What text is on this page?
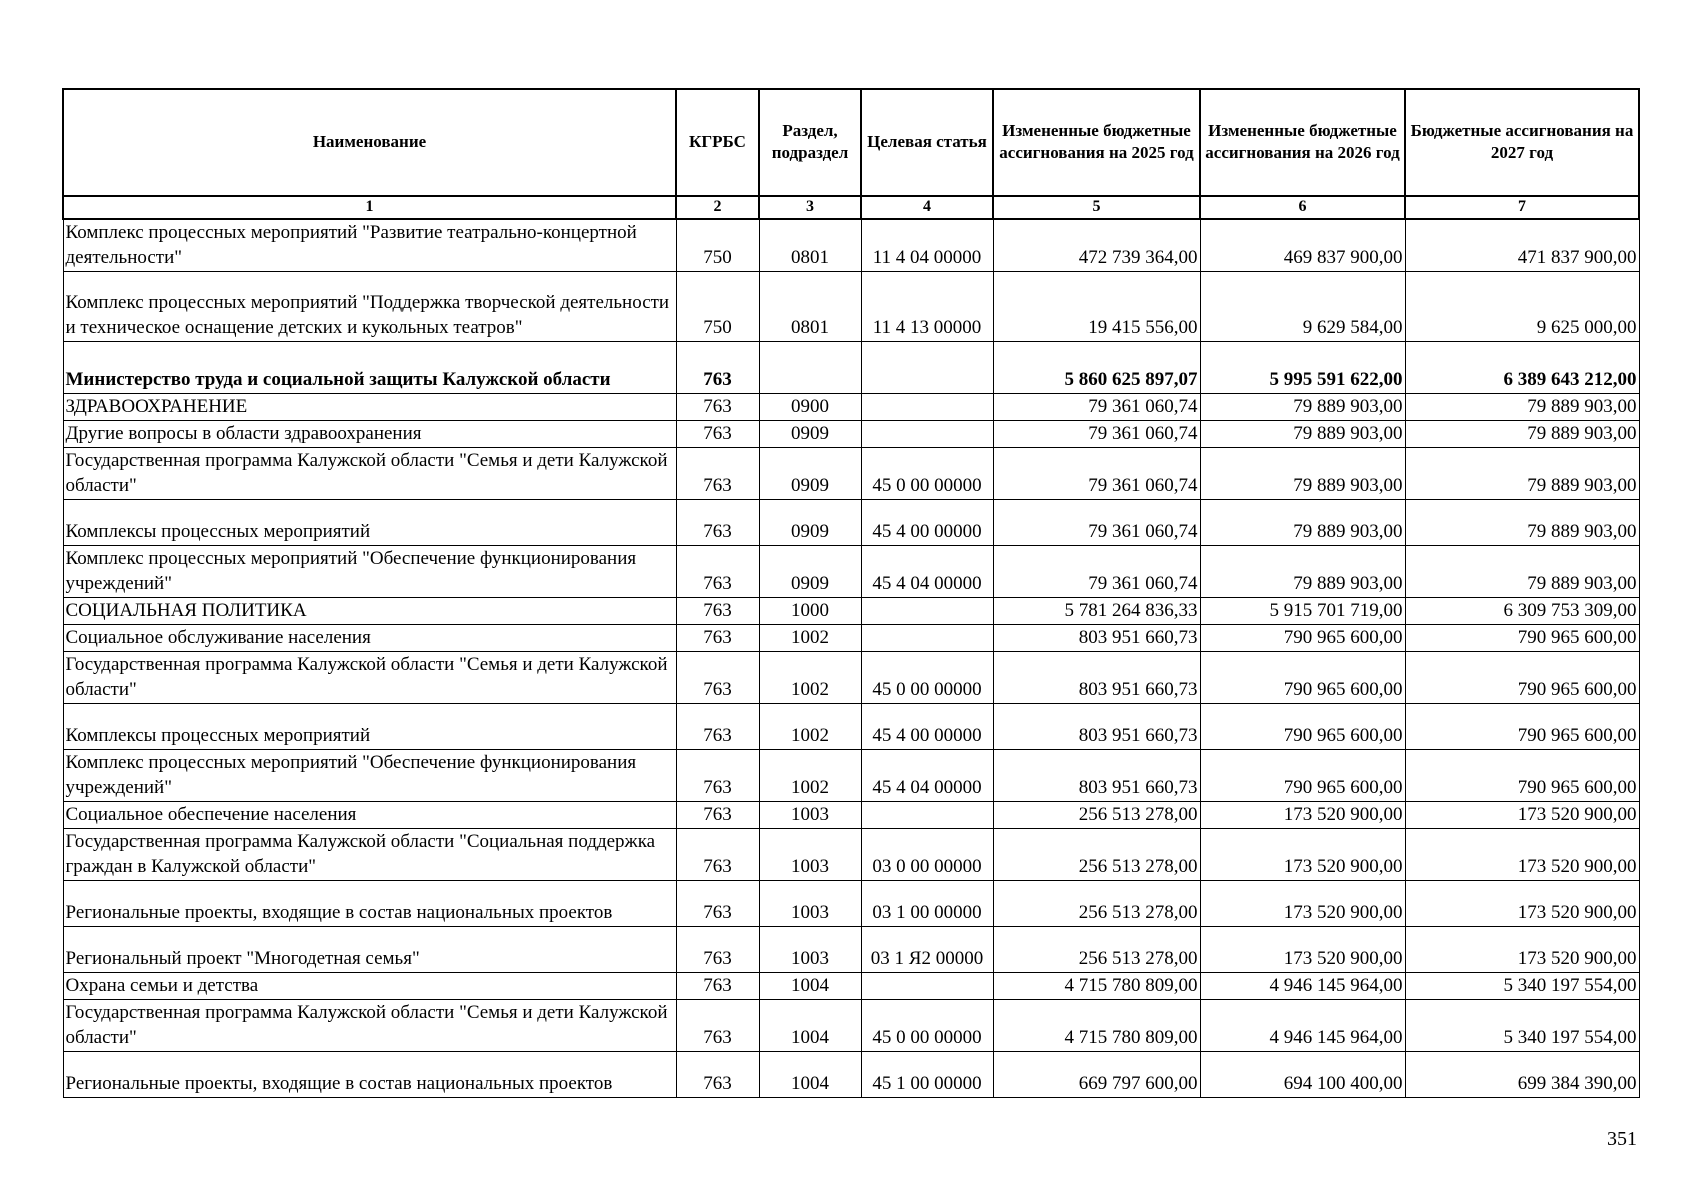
Наименование	КГРБС	Раздел, подраздел	Целевая статья	Измененные бюджетные ассигнования на 2025 год	Измененные бюджетные ассигнования на 2026 год	Бюджетные ассигнования на 2027 год
1	2	3	4	5	6	7
Комплекс процессных мероприятий "Развитие театрально-концертной деятельности"	750	0801	11 4 04 00000	472 739 364,00	469 837 900,00	471 837 900,00
Комплекс процессных мероприятий "Поддержка творческой деятельности и техническое оснащение детских и кукольных театров"	750	0801	11 4 13 00000	19 415 556,00	9 629 584,00	9 625 000,00
Министерство труда и социальной защиты Калужской области	763			5 860 625 897,07	5 995 591 622,00	6 389 643 212,00
ЗДРАВООХРАНЕНИЕ	763	0900		79 361 060,74	79 889 903,00	79 889 903,00
Другие вопросы в области здравоохранения	763	0909		79 361 060,74	79 889 903,00	79 889 903,00
Государственная программа Калужской области "Семья и дети Калужской области"	763	0909	45 0 00 00000	79 361 060,74	79 889 903,00	79 889 903,00
Комплексы процессных мероприятий	763	0909	45 4 00 00000	79 361 060,74	79 889 903,00	79 889 903,00
Комплекс процессных мероприятий "Обеспечение функционирования учреждений"	763	0909	45 4 04 00000	79 361 060,74	79 889 903,00	79 889 903,00
СОЦИАЛЬНАЯ ПОЛИТИКА	763	1000		5 781 264 836,33	5 915 701 719,00	6 309 753 309,00
Социальное обслуживание населения	763	1002		803 951 660,73	790 965 600,00	790 965 600,00
Государственная программа Калужской области "Семья и дети Калужской области"	763	1002	45 0 00 00000	803 951 660,73	790 965 600,00	790 965 600,00
Комплексы процессных мероприятий	763	1002	45 4 00 00000	803 951 660,73	790 965 600,00	790 965 600,00
Комплекс процессных мероприятий "Обеспечение функционирования учреждений"	763	1002	45 4 04 00000	803 951 660,73	790 965 600,00	790 965 600,00
Социальное обеспечение населения	763	1003		256 513 278,00	173 520 900,00	173 520 900,00
Государственная программа Калужской области "Социальная поддержка граждан в Калужской области"	763	1003	03 0 00 00000	256 513 278,00	173 520 900,00	173 520 900,00
Региональные проекты, входящие в состав национальных проектов	763	1003	03 1 00 00000	256 513 278,00	173 520 900,00	173 520 900,00
Региональный проект "Многодетная семья"	763	1003	03 1 Я2 00000	256 513 278,00	173 520 900,00	173 520 900,00
Охрана семьи и детства	763	1004		4 715 780 809,00	4 946 145 964,00	5 340 197 554,00
Государственная программа Калужской области "Семья и дети Калужской области"	763	1004	45 0 00 00000	4 715 780 809,00	4 946 145 964,00	5 340 197 554,00
Региональные проекты, входящие в состав национальных проектов	763	1004	45 1 00 00000	669 797 600,00	694 100 400,00	699 384 390,00
351
